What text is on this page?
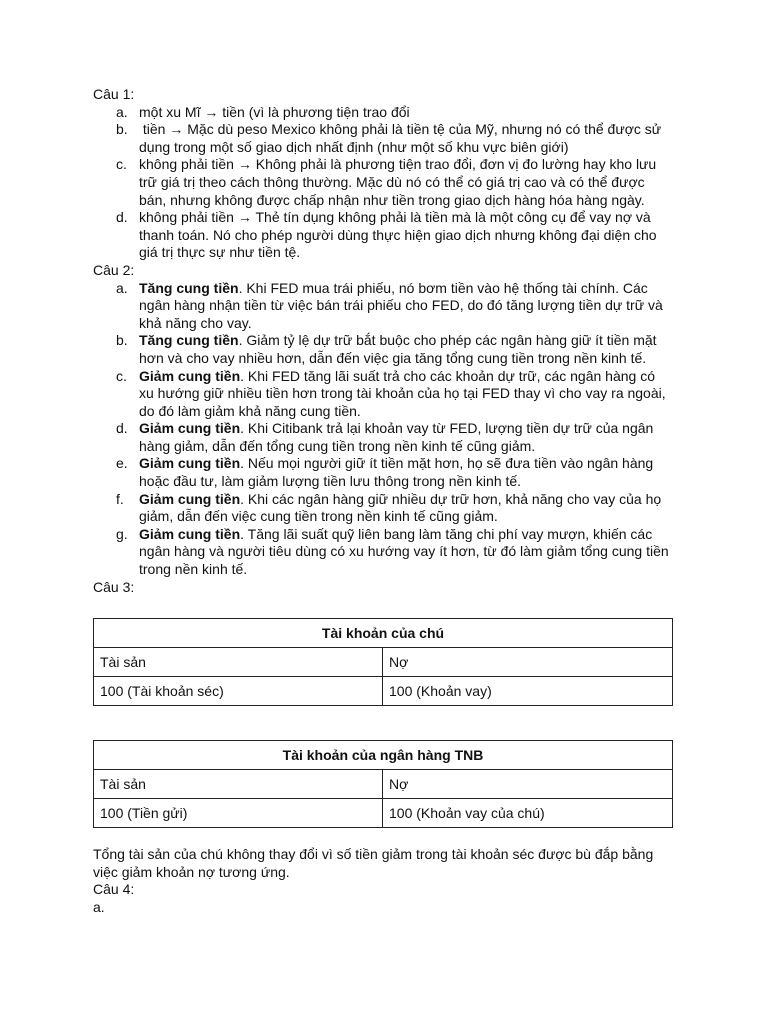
Câu 1:

a. một xu Mĩ → tiền (vì là phương tiện trao đổi
b. tiền → Mặc dù peso Mexico không phải là tiền tệ của Mỹ, nhưng nó có thể được sử dụng trong một số giao dịch nhất định (như một số khu vực biên giới)
c. không phải tiền → Không phải là phương tiện trao đổi, đơn vị đo lường hay kho lưu trữ giá trị theo cách thông thường. Mặc dù nó có thể có giá trị cao và có thể được bán, nhưng không được chấp nhận như tiền trong giao dịch hàng hóa hàng ngày.
d. không phải tiền → Thẻ tín dụng không phải là tiền mà là một công cụ để vay nợ và thanh toán. Nó cho phép người dùng thực hiện giao dịch nhưng không đại diện cho giá trị thực sự như tiền tệ.

Câu 2:

a. Tăng cung tiền. Khi FED mua trái phiếu, nó bơm tiền vào hệ thống tài chính. Các ngân hàng nhận tiền từ việc bán trái phiếu cho FED, do đó tăng lượng tiền dự trữ và khả năng cho vay.
b. Tăng cung tiền. Giảm tỷ lệ dự trữ bắt buộc cho phép các ngân hàng giữ ít tiền mặt hơn và cho vay nhiều hơn, dẫn đến việc gia tăng tổng cung tiền trong nền kinh tế.
c. Giảm cung tiền. Khi FED tăng lãi suất trả cho các khoản dự trữ, các ngân hàng có xu hướng giữ nhiều tiền hơn trong tài khoản của họ tại FED thay vì cho vay ra ngoài, do đó làm giảm khả năng cung tiền.
d. Giảm cung tiền. Khi Citibank trả lại khoản vay từ FED, lượng tiền dự trữ của ngân hàng giảm, dẫn đến tổng cung tiền trong nền kinh tế cũng giảm.
e. Giảm cung tiền. Nếu mọi người giữ ít tiền mặt hơn, họ sẽ đưa tiền vào ngân hàng hoặc đầu tư, làm giảm lượng tiền lưu thông trong nền kinh tế.
f. Giảm cung tiền. Khi các ngân hàng giữ nhiều dự trữ hơn, khả năng cho vay của họ giảm, dẫn đến việc cung tiền trong nền kinh tế cũng giảm.
g. Giảm cung tiền. Tăng lãi suất quỹ liên bang làm tăng chi phí vay mượn, khiến các ngân hàng và người tiêu dùng có xu hướng vay ít hơn, từ đó làm giảm tổng cung tiền trong nền kinh tế.

Câu 3:

Tài khoản của chú	
Tài sản	Nợ
100 (Tài khoản séc)	100 (Khoản vay)
Tài khoản của ngân hàng TNB	
Tài sản	Nợ
100 (Tiền gửi)	100 (Khoản vay của chú)

Tổng tài sản của chú không thay đổi vì số tiền giảm trong tài khoản séc được bù đắp bằng việc giảm khoản nợ tương ứng.

Câu 4:

a.
